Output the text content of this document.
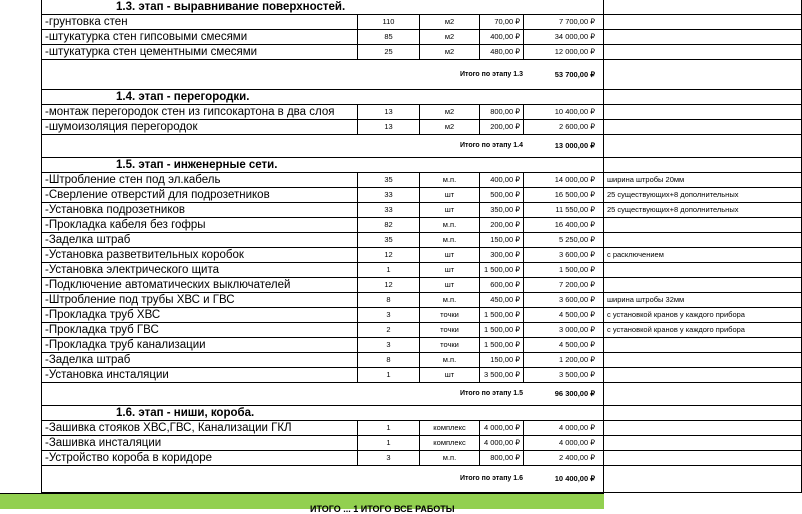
1.3. этап - выравнивание поверхностей.
-грунтовка стен	110	м2	70,00 ₽	7 700,00 ₽
-штукатурка стен гипсовыми смесями	85	м2	400,00 ₽	34 000,00 ₽
-штукатурка стен цементными смесями	25	м2	480,00 ₽	12 000,00 ₽
Итого по этапу 1.3	53 700,00 ₽
1.4. этап - перегородки.
-монтаж перегородок стен из гипсокартона в два слоя	13	м2	800,00 ₽	10 400,00 ₽
-шумоизоляция перегородок	13	м2	200,00 ₽	2 600,00 ₽
Итого по этапу 1.4	13 000,00 ₽
1.5. этап - инженерные сети.
-Штробление стен под эл.кабель	35	м.п.	400,00 ₽	14 000,00 ₽	ширина штробы 20мм
-Сверление отверстий для подрозетников	33	шт	500,00 ₽	16 500,00 ₽	25 существующих+8 дополнительных
-Установка подрозетников	33	шт	350,00 ₽	11 550,00 ₽	25 существующих+8 дополнительных
-Прокладка кабеля без гофры	82	м.п.	200,00 ₽	16 400,00 ₽
-Заделка штраб	35	м.п.	150,00 ₽	5 250,00 ₽
-Установка разветвительных коробок	12	шт	300,00 ₽	3 600,00 ₽	с расключением
-Установка электрического щита	1	шт	1 500,00 ₽	1 500,00 ₽
-Подключение автоматических выключателей	12	шт	600,00 ₽	7 200,00 ₽
-Штробление под трубы ХВС и ГВС	8	м.п.	450,00 ₽	3 600,00 ₽	ширина штробы 32мм
-Прокладка труб ХВС	3	точки	1 500,00 ₽	4 500,00 ₽	с установкой кранов у каждого прибора
-Прокладка труб ГВС	2	точки	1 500,00 ₽	3 000,00 ₽	с установкой кранов у каждого прибора
-Прокладка труб канализации	3	точки	1 500,00 ₽	4 500,00 ₽
-Заделка штраб	8	м.п.	150,00 ₽	1 200,00 ₽
-Установка инсталяции	1	шт	3 500,00 ₽	3 500,00 ₽
Итого по этапу 1.5	96 300,00 ₽
1.6. этап - ниши, короба.
-Зашивка стояков ХВС,ГВС, Канализации ГКЛ	1	комплекс	4 000,00 ₽	4 000,00 ₽
-Зашивка инсталяции	1	комплекс	4 000,00 ₽	4 000,00 ₽
-Устройство короба в коридоре	3	м.п.	800,00 ₽	2 400,00 ₽
Итого по этапу 1.6	10 400,00 ₽
ИТОГО ... 1 ИТОГО ВСЕ РАБОТЫ
